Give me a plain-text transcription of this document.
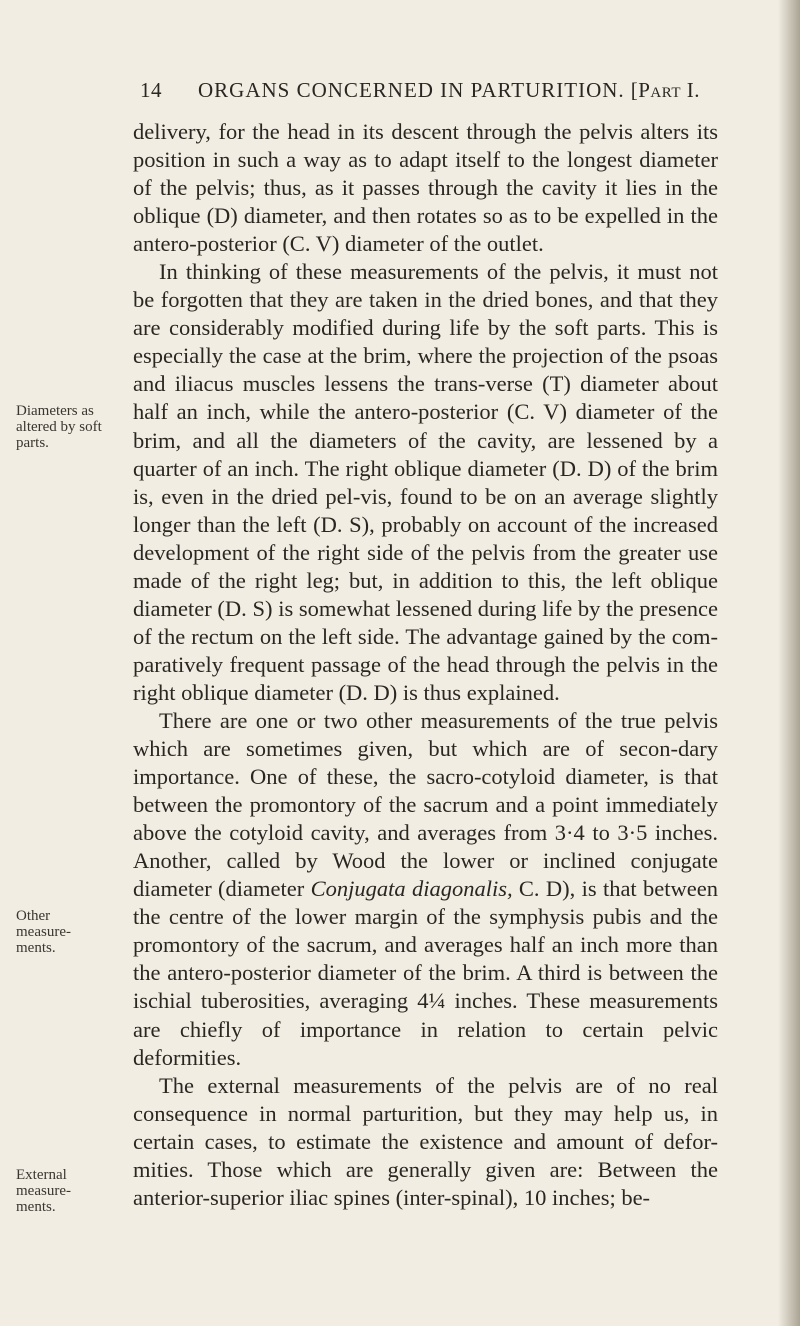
14 ORGANS CONCERNED IN PARTURITION. [Part I.
Diameters as altered by soft parts.
Other measure-ments.
External measure-ments.

delivery, for the head in its descent through the pelvis alters its position in such a way as to adapt itself to the longest diameter of the pelvis; thus, as it passes through the cavity it lies in the oblique (D) diameter, and then rotates so as to be expelled in the antero-posterior (C. V) diameter of the outlet.

In thinking of these measurements of the pelvis, it must not be forgotten that they are taken in the dried bones, and that they are considerably modified during life by the soft parts. This is especially the case at the brim, where the projection of the psoas and iliacus muscles lessens the trans-verse (T) diameter about half an inch, while the antero-posterior (C. V) diameter of the brim, and all the diameters of the cavity, are lessened by a quarter of an inch. The right oblique diameter (D. D) of the brim is, even in the dried pel-vis, found to be on an average slightly longer than the left (D. S), probably on account of the increased development of the right side of the pelvis from the greater use made of the right leg; but, in addition to this, the left oblique diameter (D. S) is somewhat lessened during life by the presence of the rectum on the left side. The advantage gained by the com-paratively frequent passage of the head through the pelvis in the right oblique diameter (D. D) is thus explained.

There are one or two other measurements of the true pelvis which are sometimes given, but which are of secon-dary importance. One of these, the sacro-cotyloid diameter, is that between the promontory of the sacrum and a point immediately above the cotyloid cavity, and averages from 3·4 to 3·5 inches. Another, called by Wood the lower or inclined conjugate diameter (diameter Conjugata diagonalis, C. D), is that between the centre of the lower margin of the symphysis pubis and the promontory of the sacrum, and averages half an inch more than the antero-posterior diameter of the brim. A third is between the ischial tuberosities, averaging 4¼ inches. These measurements are chiefly of importance in relation to certain pelvic deformities.

The external measurements of the pelvis are of no real consequence in normal parturition, but they may help us, in certain cases, to estimate the existence and amount of defor-mities. Those which are generally given are: Between the anterior-superior iliac spines (inter-spinal), 10 inches; be-
